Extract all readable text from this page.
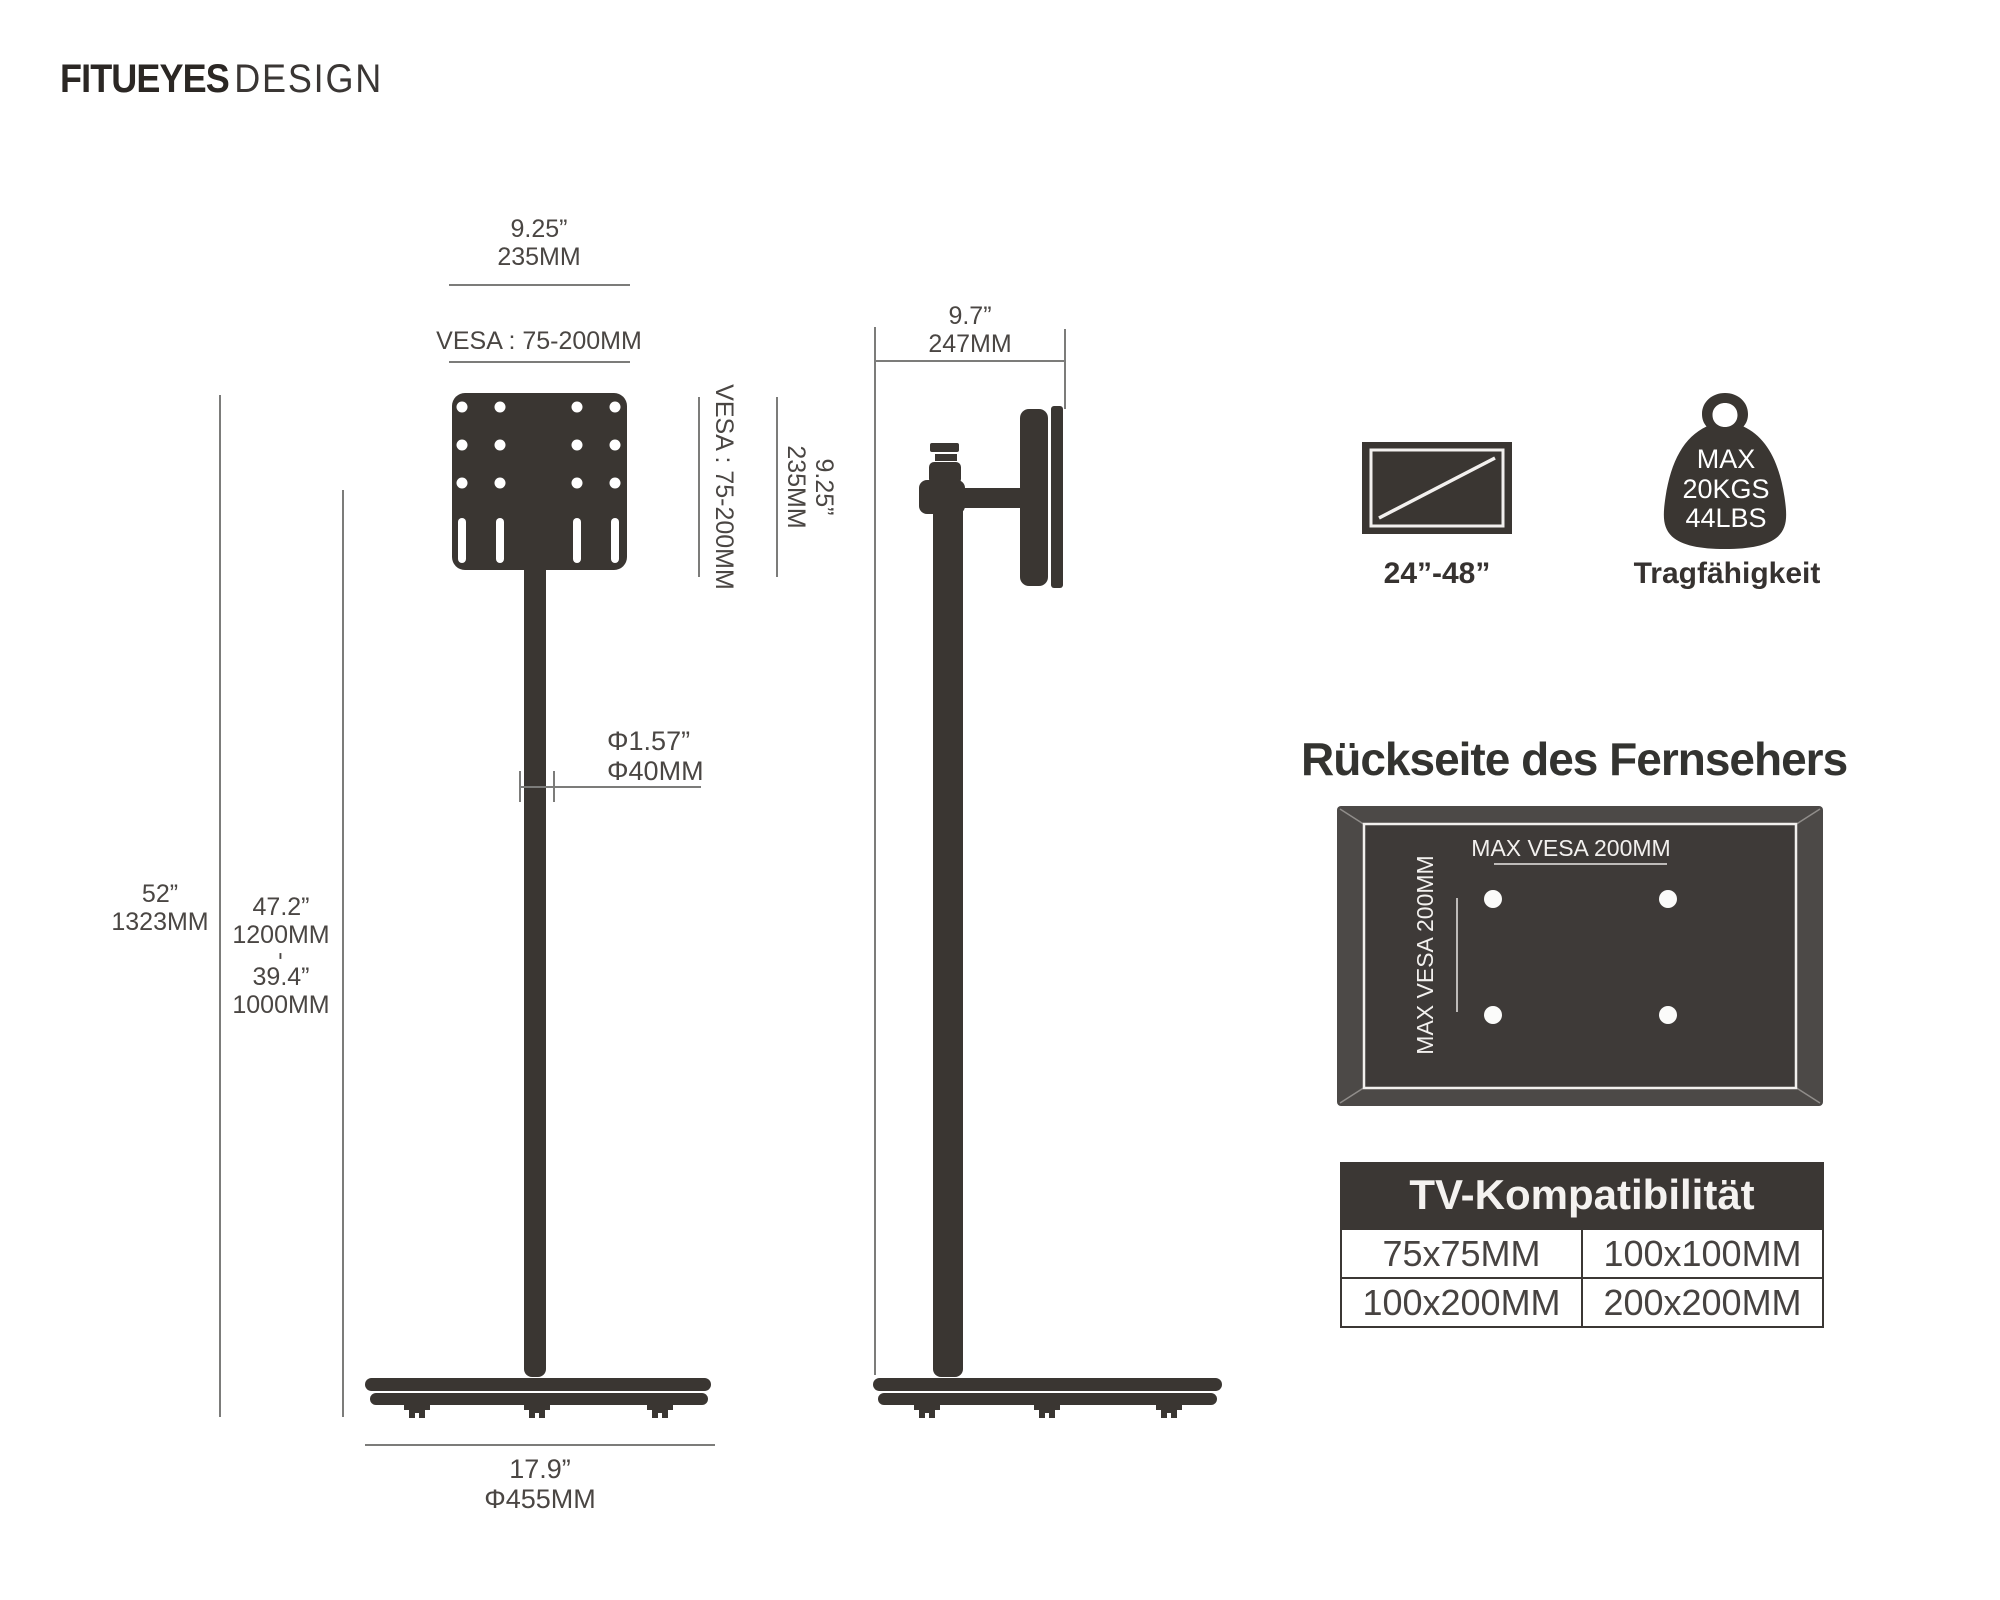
FITUEYES DESIGN
9.25”
235MM
VESA : 75-200MM
VESA : 75-200MM	9.25”
235MM
Φ1.57”
Φ40MM
17.9”
Φ455MM
52”
1323MM
47.2”
1200MM
-
39.4”
1000MM
9.7”
247MM
24”-48”
MAX
20KGS
44LBS
Tragfähigkeit
Rückseite des Fernsehers
MAX VESA 200MM
MAX VESA 200MM
TV-Kompatibilität
75x75MM	100x100MM
100x200MM	200x200MM
